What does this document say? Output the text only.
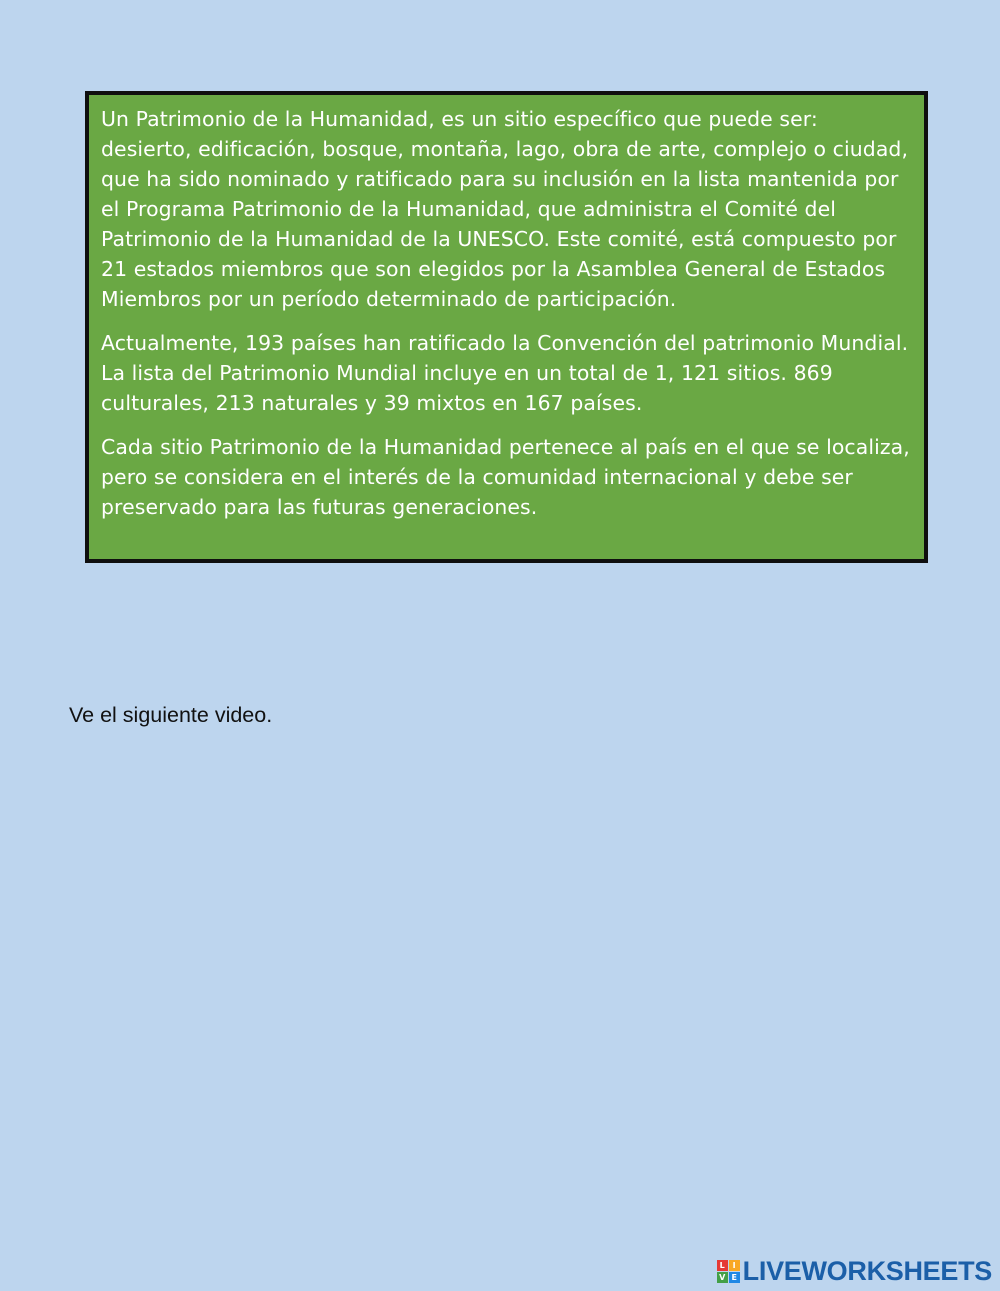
Un Patrimonio de la Humanidad, es un sitio específico que puede ser: desierto, edificación, bosque, montaña, lago, obra de arte, complejo o ciudad, que ha sido nominado y ratificado para su inclusión en la lista mantenida por el Programa Patrimonio de la Humanidad, que administra el Comité del Patrimonio de la Humanidad de la UNESCO. Este comité, está compuesto por 21 estados miembros que son elegidos por la Asamblea General de Estados Miembros por un período determinado de participación.

Actualmente, 193 países han ratificado la Convención del patrimonio Mundial. La lista del Patrimonio Mundial incluye en un total de 1, 121 sitios. 869 culturales, 213 naturales y 39 mixtos en 167 países.

Cada sitio Patrimonio de la Humanidad pertenece al país en el que se localiza, pero se considera en el interés de la comunidad internacional y debe ser preservado para las futuras generaciones.

Ve el siguiente video.

L I
V E LIVEWORKSHEETS
